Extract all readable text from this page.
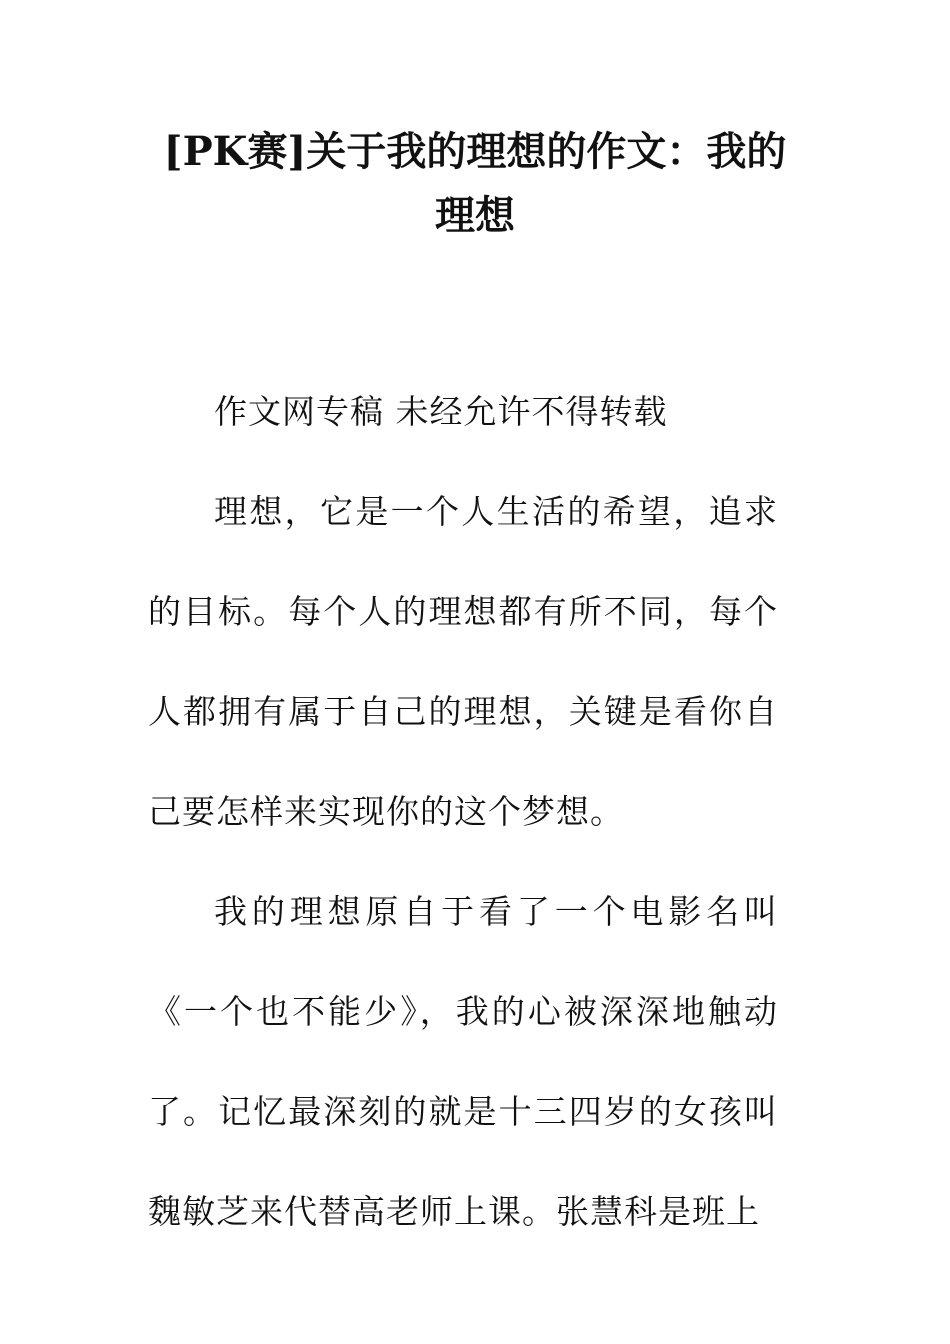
[PK赛]关于我的理想的作文：我的
理想

作文网专稿 未经允许不得转载

理想，它是一个人生活的希望，追求的目标。每个人的理想都有所不同，每个人都拥有属于自己的理想，关键是看你自己要怎样来实现你的这个梦想。

我的理想原自于看了一个电影名叫《一个也不能少》，我的心被深深地触动了。记忆最深刻的就是十三四岁的女孩叫魏敏芝来代替高老师上课。张慧科是班上
